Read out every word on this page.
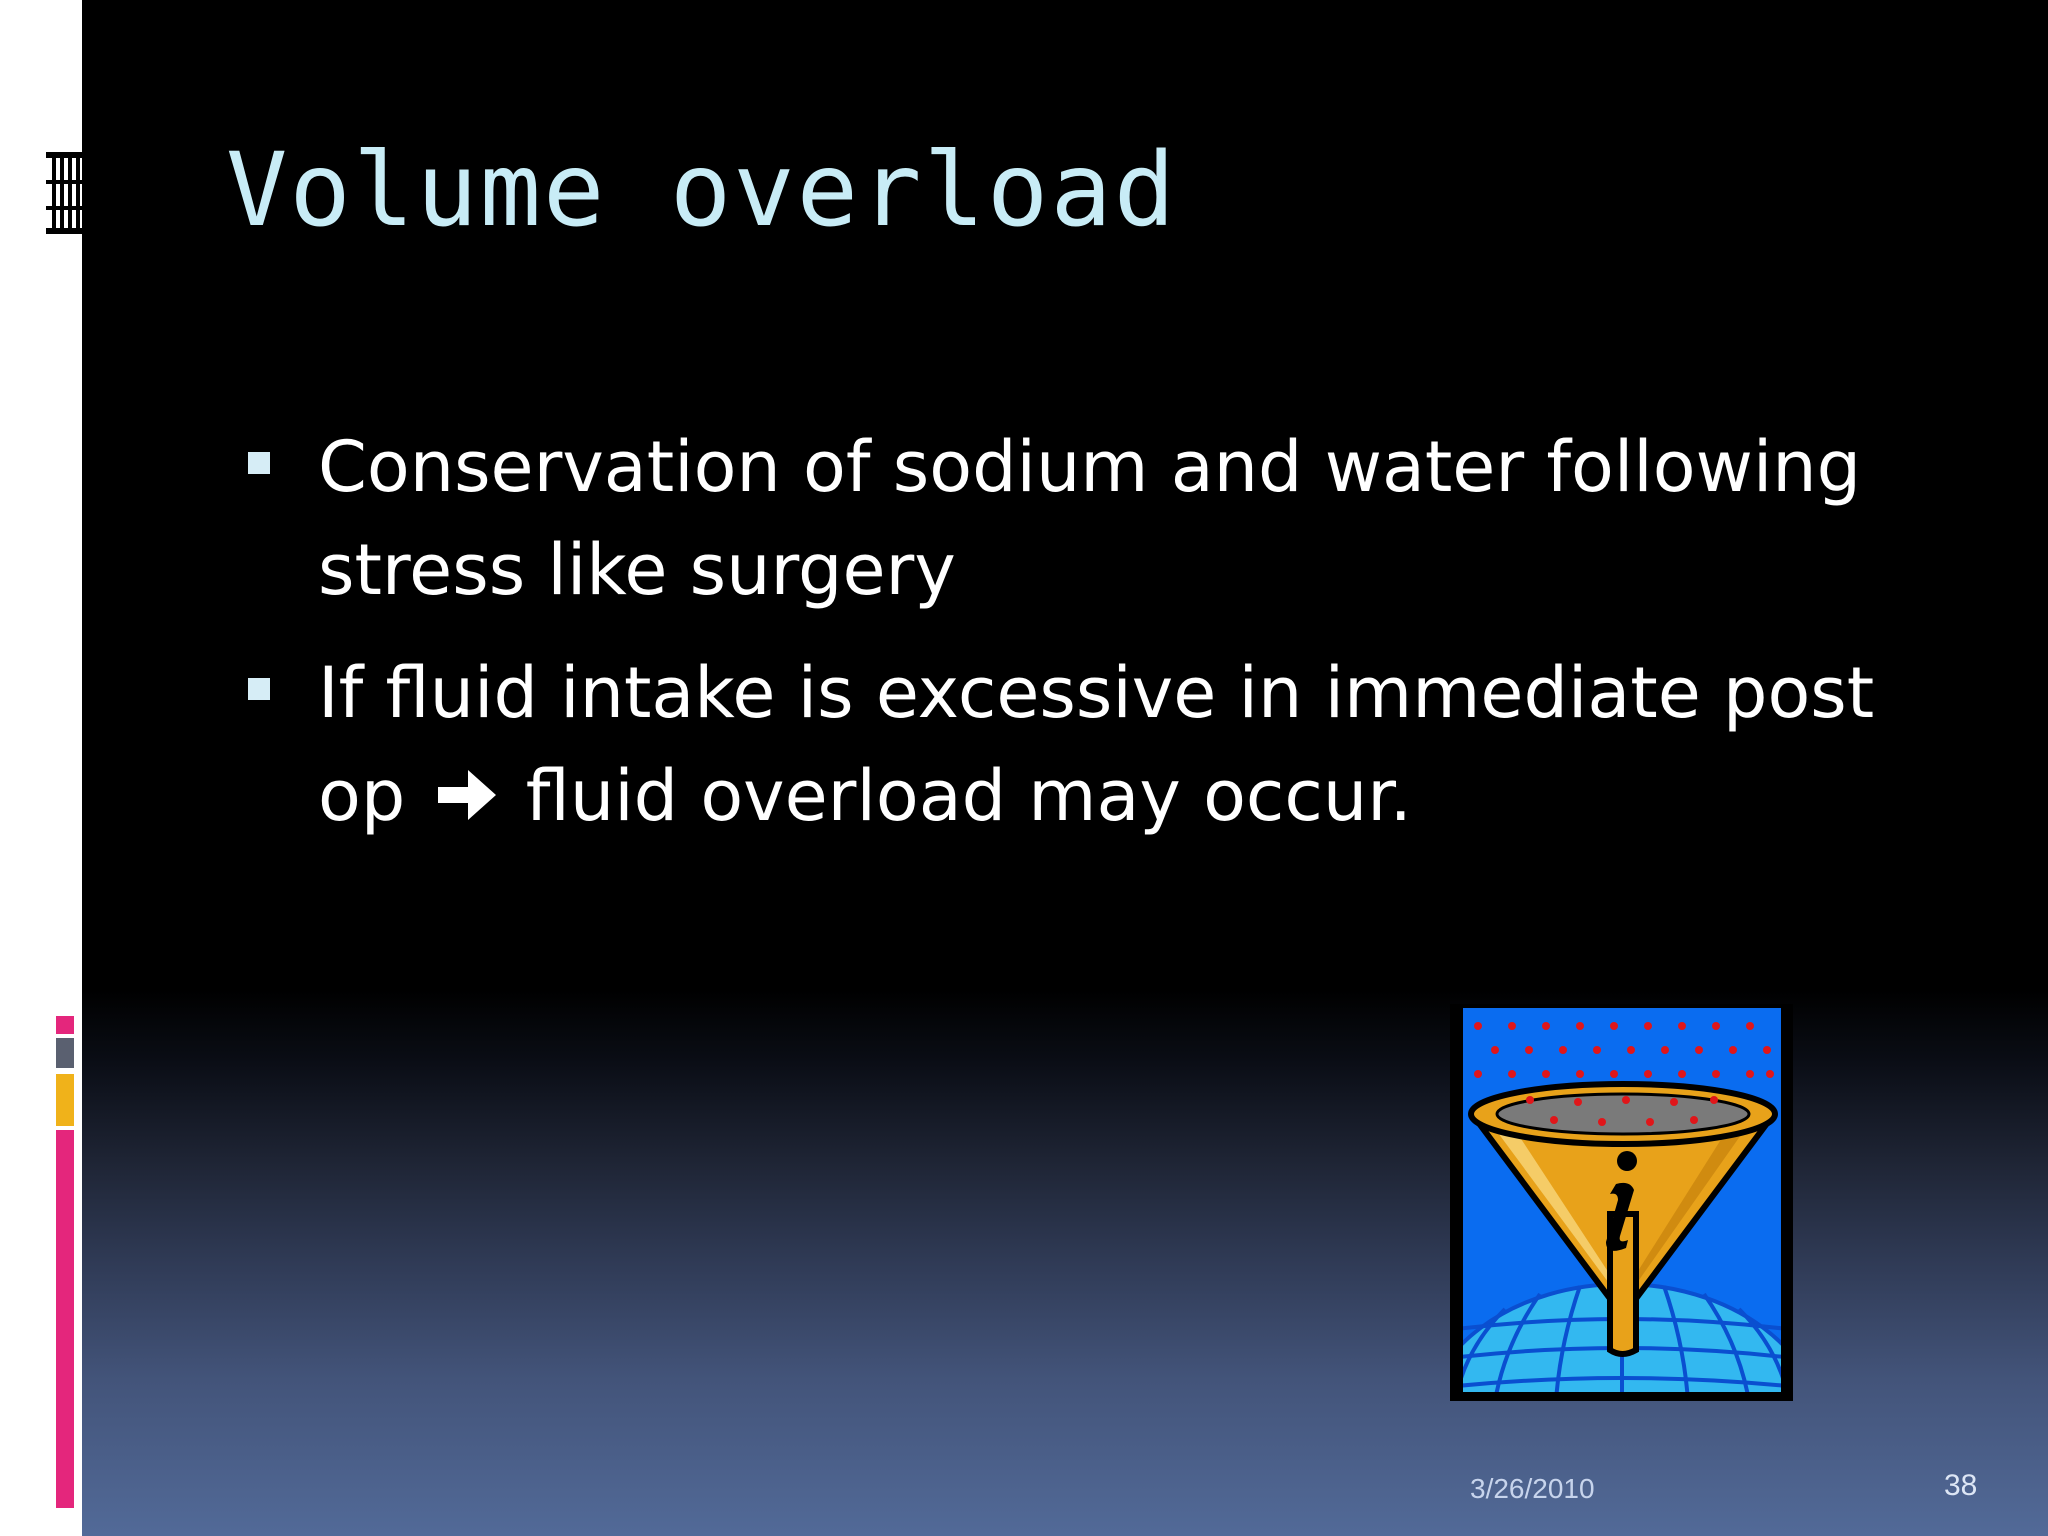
Volume overload
Conservation of sodium and water following stress like surgery
If fluid intake is excessive in immediate post op  fluid overload may occur.
3/26/2010	38
